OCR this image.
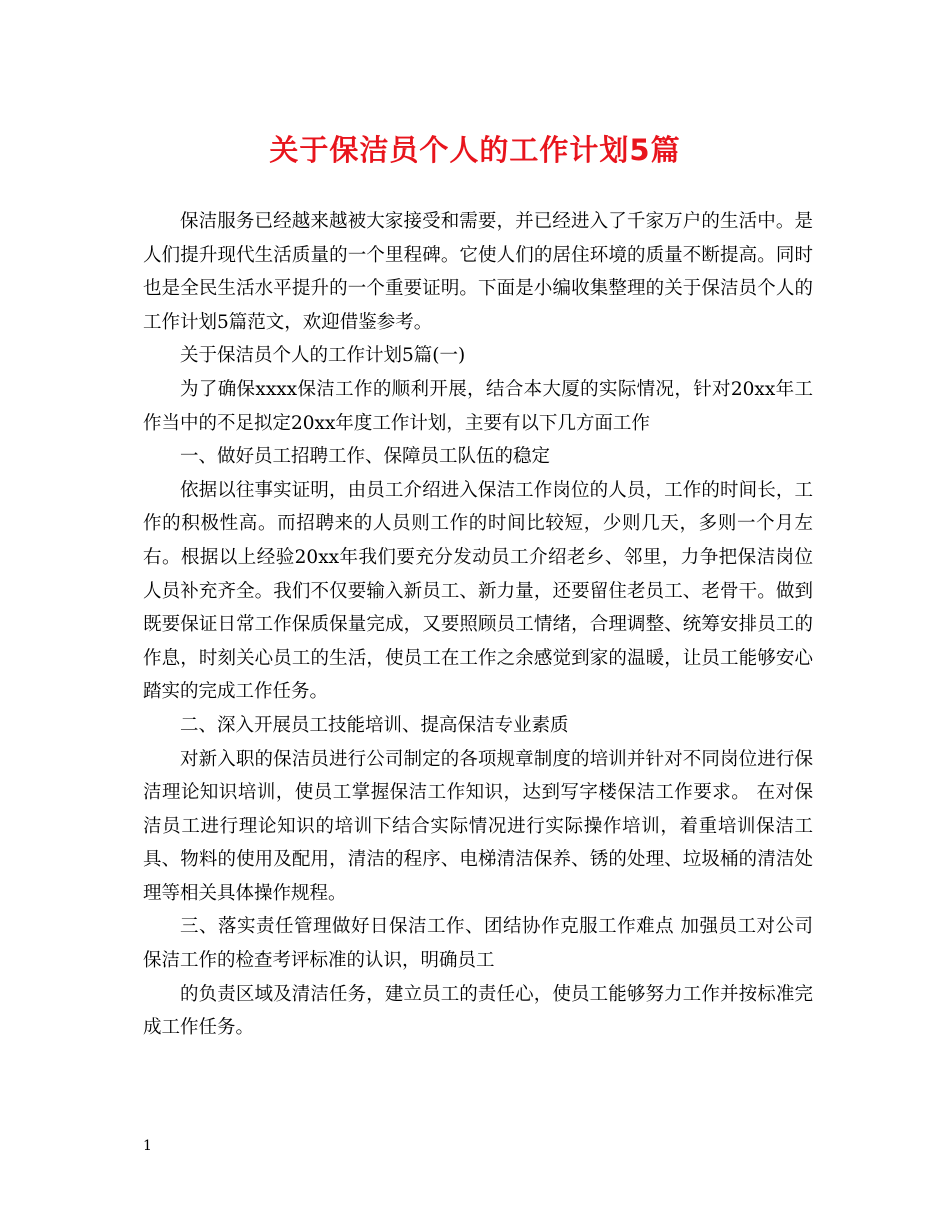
关于保洁员个人的工作计划5篇

保洁服务已经越来越被大家接受和需要，并已经进入了千家万户的生活中。是人们提升现代生活质量的一个里程碑。它使人们的居住环境的质量不断提高。同时也是全民生活水平提升的一个重要证明。下面是小编收集整理的关于保洁员个人的工作计划5篇范文，欢迎借鉴参考。

关于保洁员个人的工作计划5篇(一)

为了确保xxxx保洁工作的顺利开展，结合本大厦的实际情况，针对20xx年工作当中的不足拟定20xx年度工作计划，主要有以下几方面工作

一、做好员工招聘工作、保障员工队伍的稳定

依据以往事实证明，由员工介绍进入保洁工作岗位的人员，工作的时间长，工作的积极性高。而招聘来的人员则工作的时间比较短，少则几天，多则一个月左右。根据以上经验20xx年我们要充分发动员工介绍老乡、邻里，力争把保洁岗位人员补充齐全。我们不仅要输入新员工、新力量，还要留住老员工、老骨干。做到既要保证日常工作保质保量完成，又要照顾员工情绪，合理调整、统筹安排员工的作息，时刻关心员工的生活，使员工在工作之余感觉到家的温暖，让员工能够安心踏实的完成工作任务。

二、深入开展员工技能培训、提高保洁专业素质

对新入职的保洁员进行公司制定的各项规章制度的培训并针对不同岗位进行保洁理论知识培训，使员工掌握保洁工作知识，达到写字楼保洁工作要求。 在对保洁员工进行理论知识的培训下结合实际情况进行实际操作培训，着重培训保洁工具、物料的使用及配用，清洁的程序、电梯清洁保养、锈的处理、垃圾桶的清洁处理等相关具体操作规程。

三、落实责任管理做好日保洁工作、团结协作克服工作难点 加强员工对公司保洁工作的检查考评标准的认识，明确员工

的负责区域及清洁任务，建立员工的责任心，使员工能够努力工作并按标准完成工作任务。

1
